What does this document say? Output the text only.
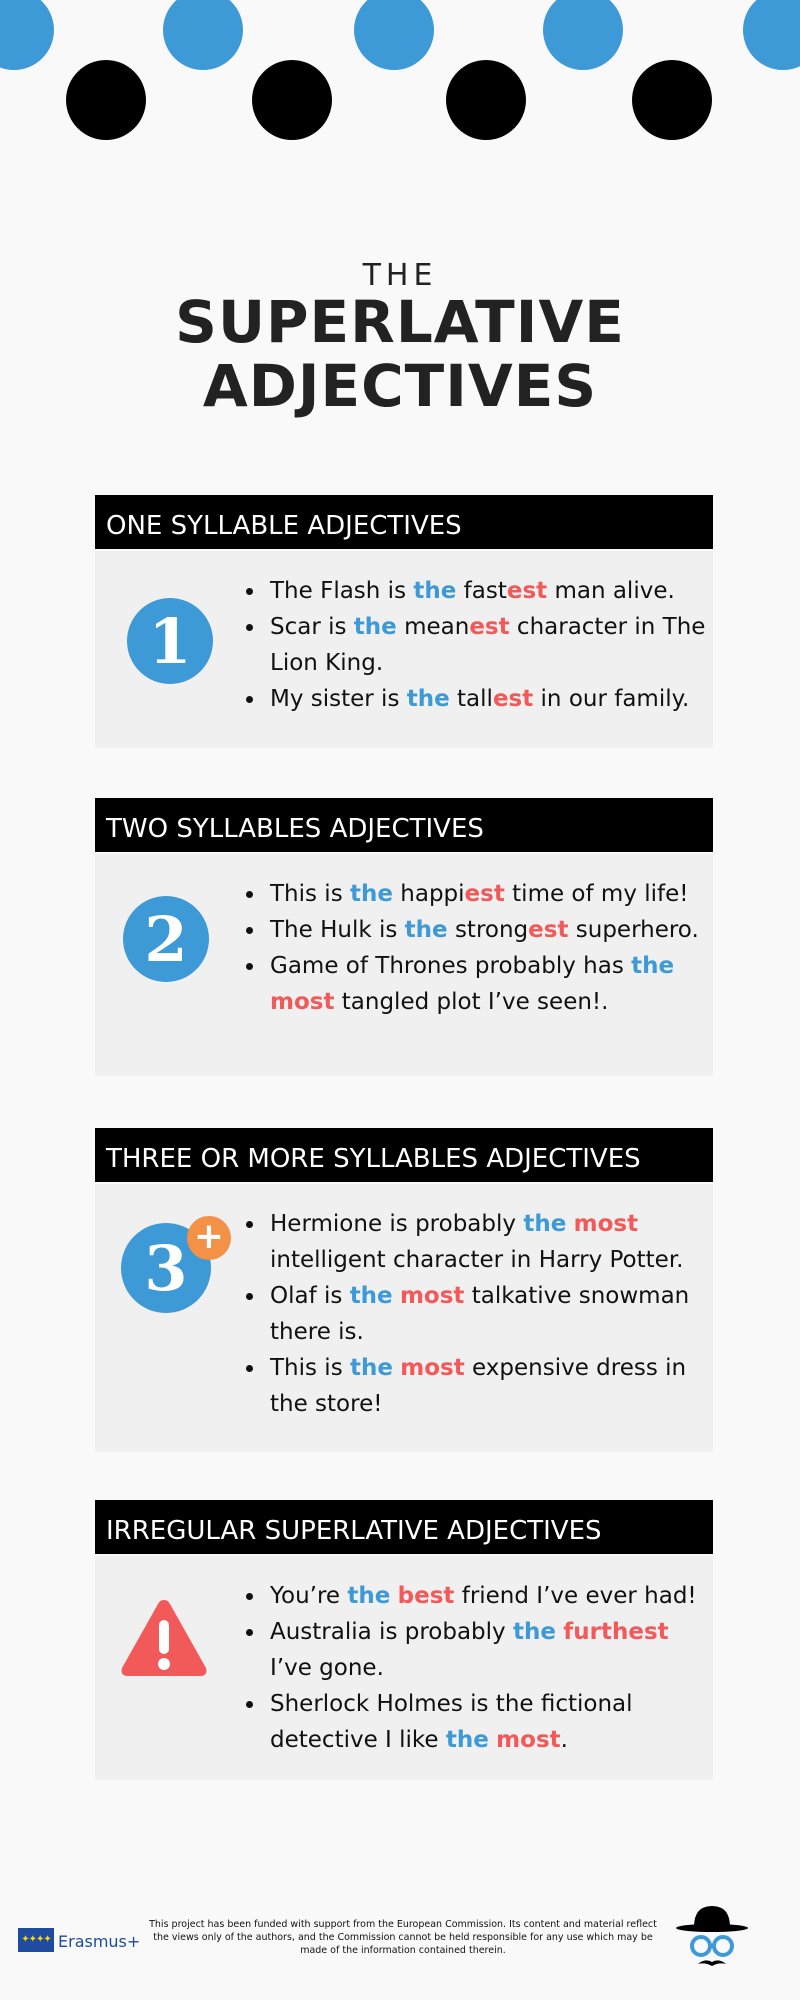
THE
SUPERLATIVE
ADJECTIVES
ONE SYLLABLE ADJECTIVES
1
• The Flash is the fastest man alive.
• Scar is the meanest character in The Lion King.
• My sister is the tallest in our family.
TWO SYLLABLES ADJECTIVES
2
• This is the happiest time of my life!
• The Hulk is the strongest superhero.
• Game of Thrones probably has the most tangled plot I’ve seen!.
THREE OR MORE SYLLABLES ADJECTIVES
3 +
•	Hermione is probably the most intelligent character in Harry Potter.
• Olaf is the most talkative snowman there is.
• This is the most expensive dress in the store!
IRREGULAR SUPERLATIVE ADJECTIVES
• You’re the best friend I’ve ever had!
• Australia is probably the furthest I’ve gone.
• Sherlock Holmes is the fictional detective I like the most.
✦✦✦✦ Erasmus+
This project has been funded with support from the European Commission. Its content and material reflect the views only of the authors, and the Commission cannot be held responsible for any use which may be made of the information contained therein.
